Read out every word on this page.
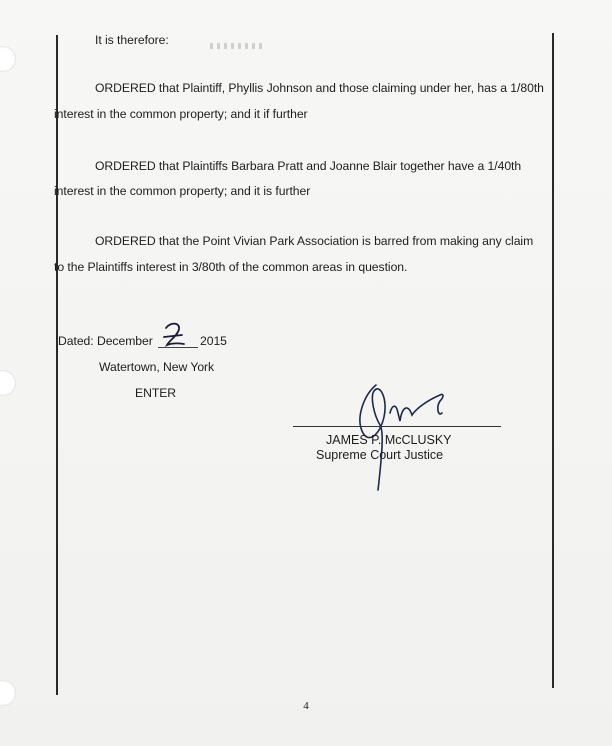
It is therefore:
ORDERED that Plaintiff, Phyllis Johnson and those claiming under her, has a 1/80th
interest in the common property; and it if further
ORDERED that Plaintiffs Barbara Pratt and Joanne Blair together have a 1/40th
interest in the common property; and it is further
ORDERED that the Point Vivian Park Association is barred from making any claim
to the Plaintiffs interest in 3/80th of the common areas in question.
Dated: December	2015
Watertown, New York
ENTER
JAMES P. McCLUSKY
Supreme Court Justice
4
